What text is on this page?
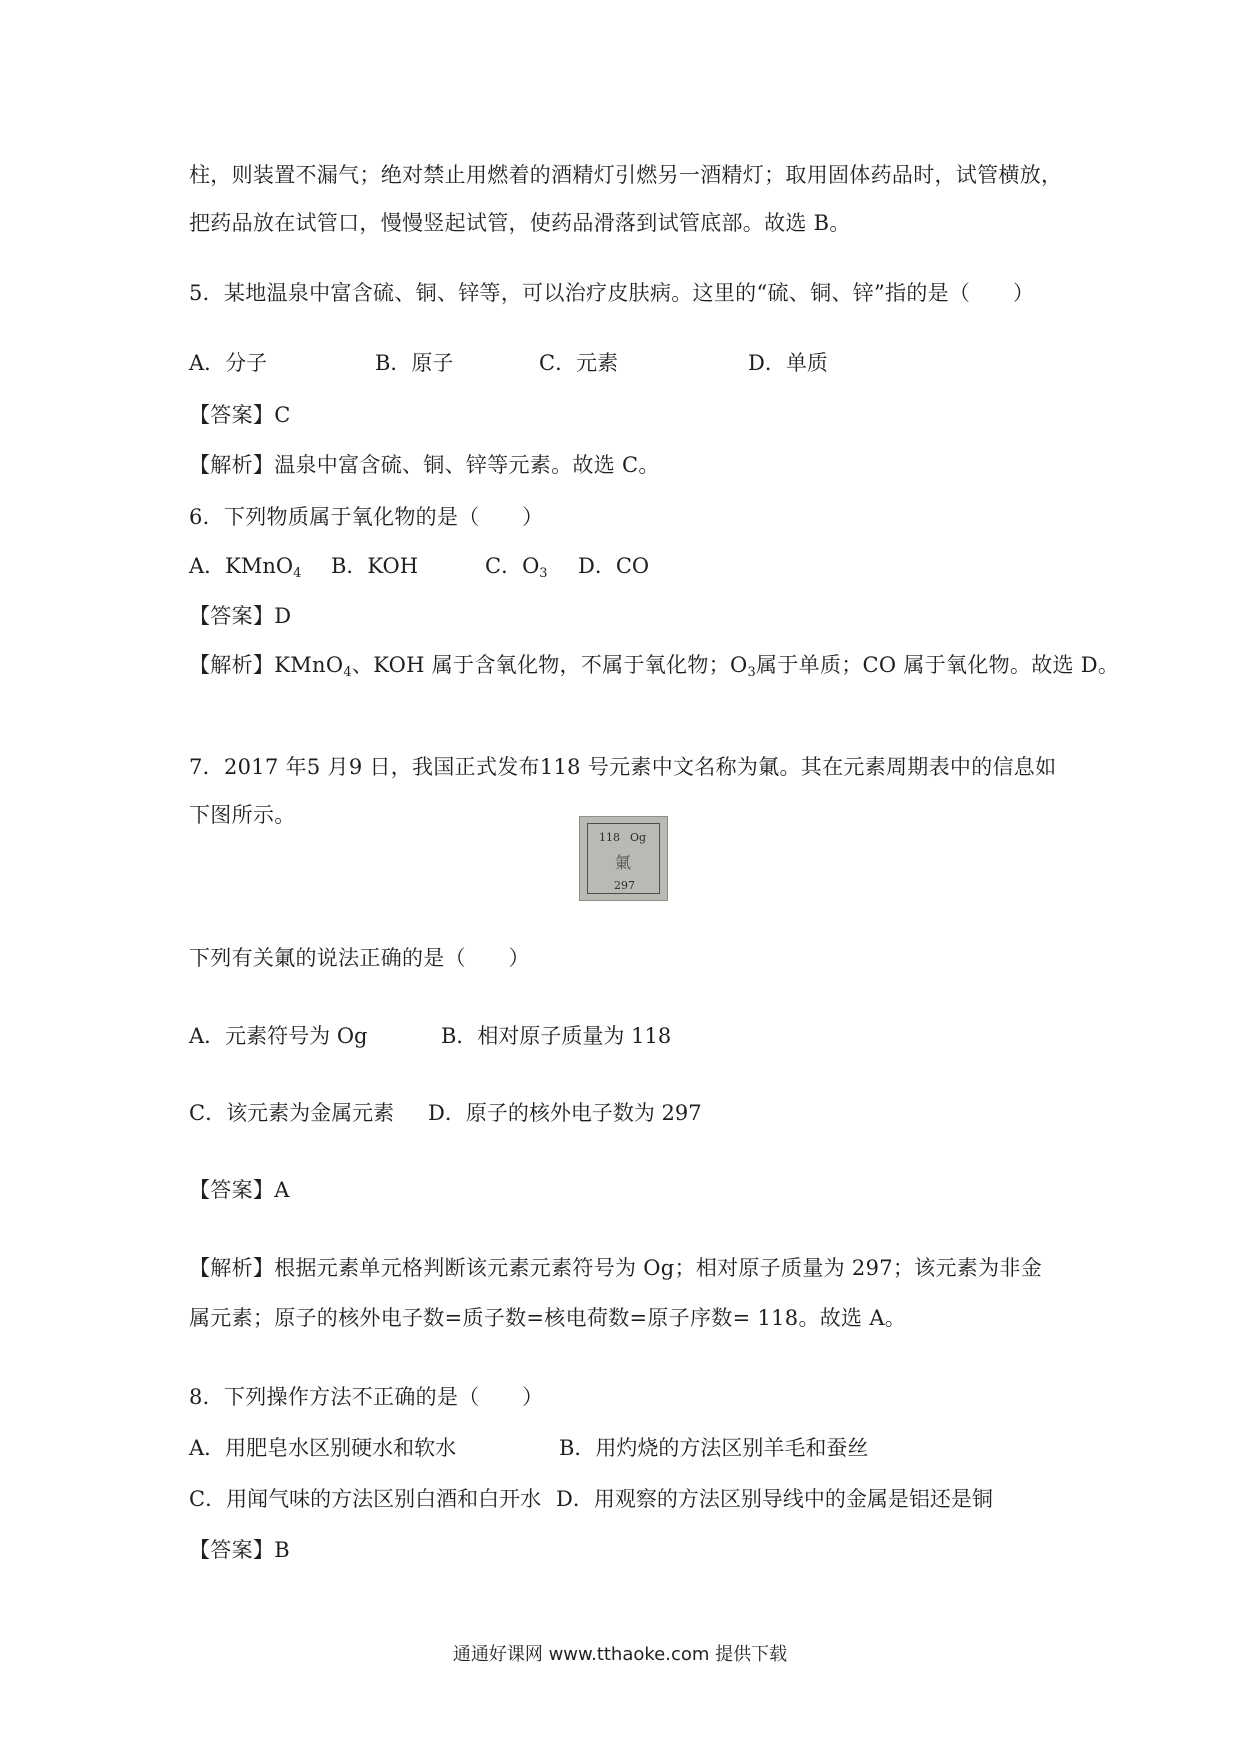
柱，则装置不漏气；绝对禁止用燃着的酒精灯引燃另一酒精灯；取用固体药品时，试管横放，
把药品放在试管口，慢慢竖起试管，使药品滑落到试管底部。故选 B。
5．某地温泉中富含硫、铜、锌等，可以治疗皮肤病。这里的“硫、铜、锌”指的是（　　）
A．分子	B．原子	C．元素	D．单质
【答案】C
【解析】温泉中富含硫、铜、锌等元素。故选 C。
6．下列物质属于氧化物的是（　　）
A．KMnO$_4$ B．KOH	C．$O_3$ D．CO
【答案】D
【解析】KMnO$_4$、KOH 属于含氧化物，不属于氧化物；$O_3$属于单质；CO 属于氧化物。故选 D。
7．2017 年5 月9 日，我国正式发布118 号元素中文名称为氭。其在元素周期表中的信息如
下图所示。
118 Og
氭
297
下列有关氭的说法正确的是（　　）
A．元素符号为 Og	B．相对原子质量为 118
C．该元素为金属元素 D．原子的核外电子数为 297
【答案】A
【解析】根据元素单元格判断该元素元素符号为 Og；相对原子质量为 297；该元素为非金
属元素；原子的核外电子数=质子数=核电荷数=原子序数= 118。故选 A。
8．下列操作方法不正确的是（　　）
A．用肥皂水区别硬水和软水	B．用灼烧的方法区别羊毛和蚕丝
C．用闻气味的方法区别白酒和白开水 D．用观察的方法区别导线中的金属是铝还是铜
【答案】B
通通好课网 www.tthaoke.com 提供下载
